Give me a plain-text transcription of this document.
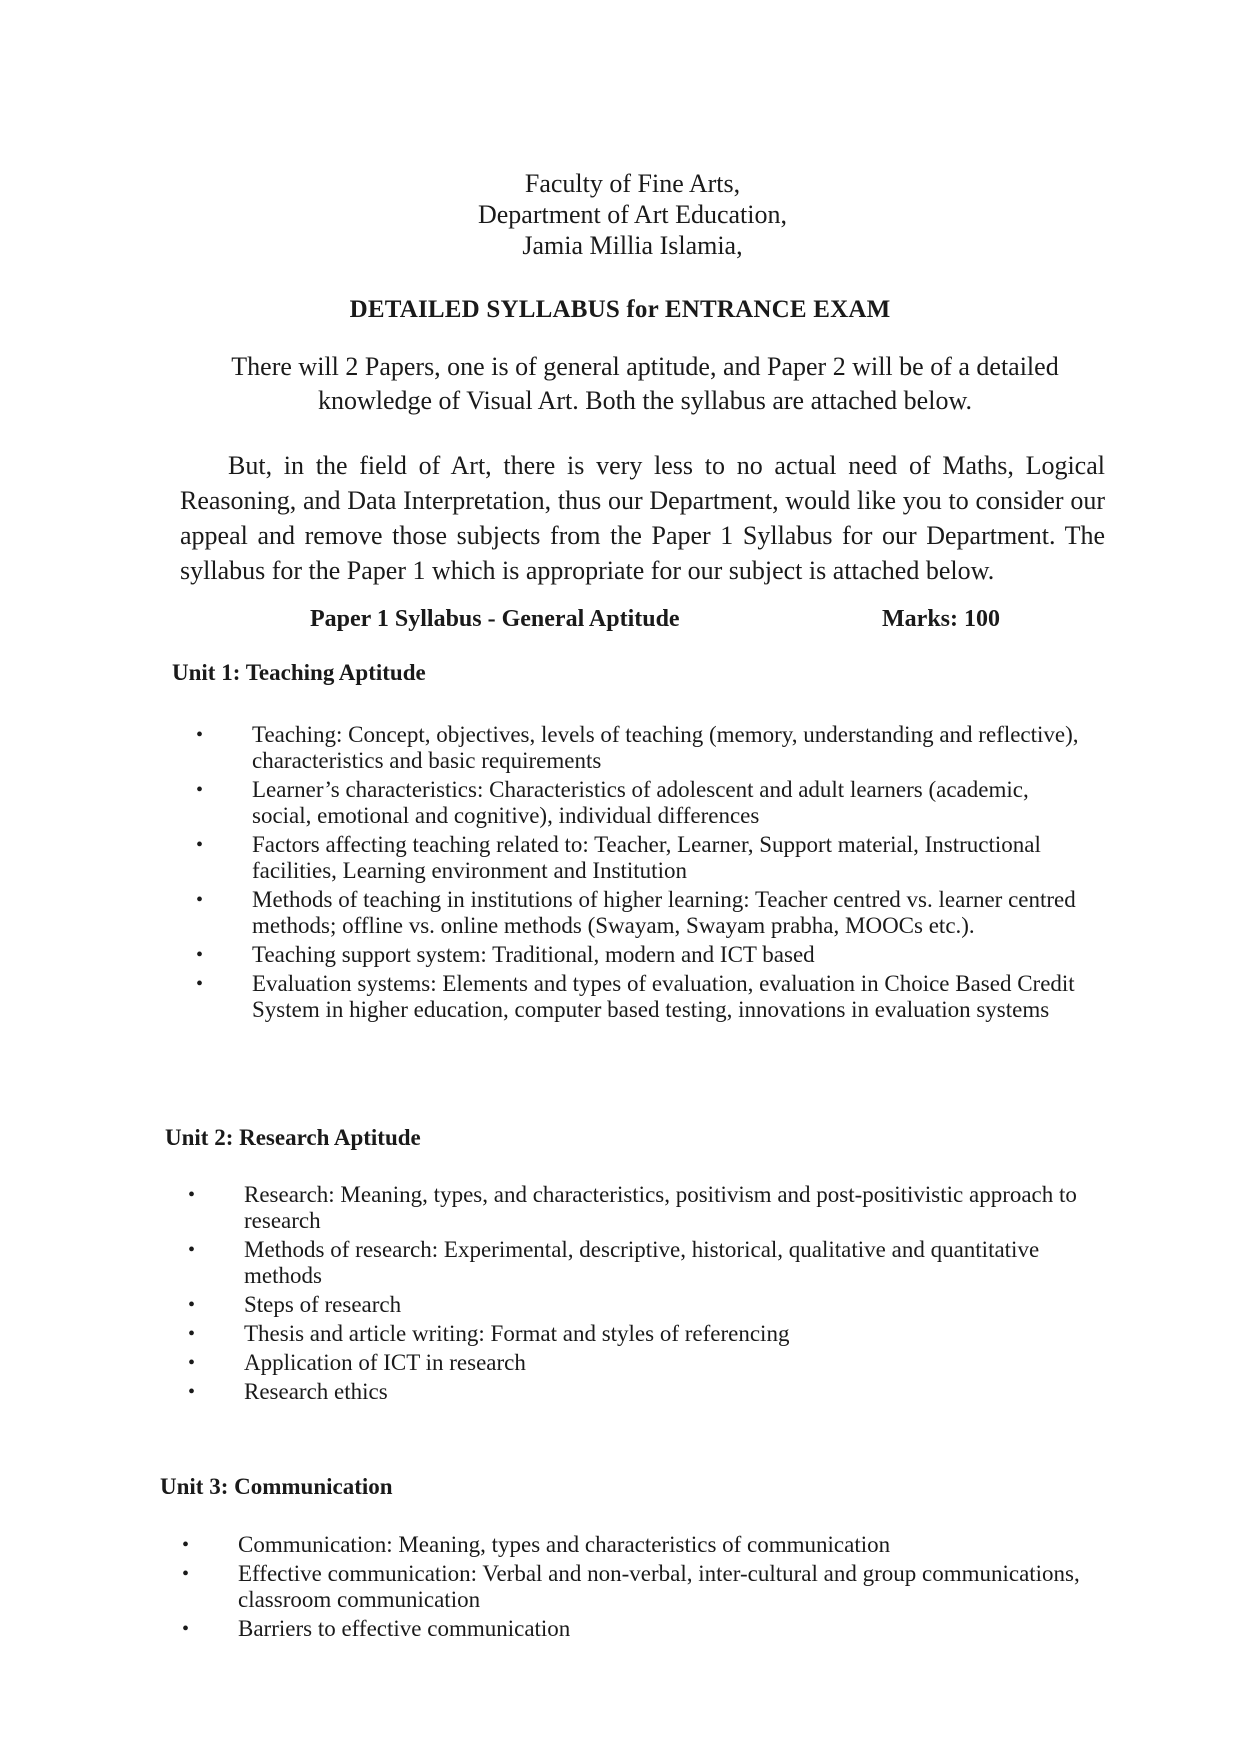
Faculty of Fine Arts,
Department of Art Education,
Jamia Millia Islamia,
DETAILED SYLLABUS for ENTRANCE EXAM
There will 2 Papers, one is of general aptitude, and Paper 2 will be of a detailed knowledge of Visual Art. Both the syllabus are attached below.
But, in the field of Art, there is very less to no actual need of Maths, Logical Reasoning, and Data Interpretation, thus our Department, would like you to consider our appeal and remove those subjects from the Paper 1 Syllabus for our Department. The syllabus for the Paper 1 which is appropriate for our subject is attached below.
Paper 1 Syllabus - General Aptitude	Marks: 100
Unit 1: Teaching Aptitude
• Teaching: Concept, objectives, levels of teaching (memory, understanding and reflective), characteristics and basic requirements
• Learner’s characteristics: Characteristics of adolescent and adult learners (academic, social, emotional and cognitive), individual differences
• Factors affecting teaching related to: Teacher, Learner, Support material, Instructional facilities, Learning environment and Institution
• Methods of teaching in institutions of higher learning: Teacher centred vs. learner centred methods; offline vs. online methods (Swayam, Swayam prabha, MOOCs etc.).
• Teaching support system: Traditional, modern and ICT based
• Evaluation systems: Elements and types of evaluation, evaluation in Choice Based Credit System in higher education, computer based testing, innovations in evaluation systems
Unit 2: Research Aptitude
• Research: Meaning, types, and characteristics, positivism and post-positivistic approach to research
• Methods of research: Experimental, descriptive, historical, qualitative and quantitative methods
• Steps of research
• Thesis and article writing: Format and styles of referencing
• Application of ICT in research
• Research ethics
Unit 3: Communication
• Communication: Meaning, types and characteristics of communication
• Effective communication: Verbal and non-verbal, inter-cultural and group communications, classroom communication
• Barriers to effective communication
